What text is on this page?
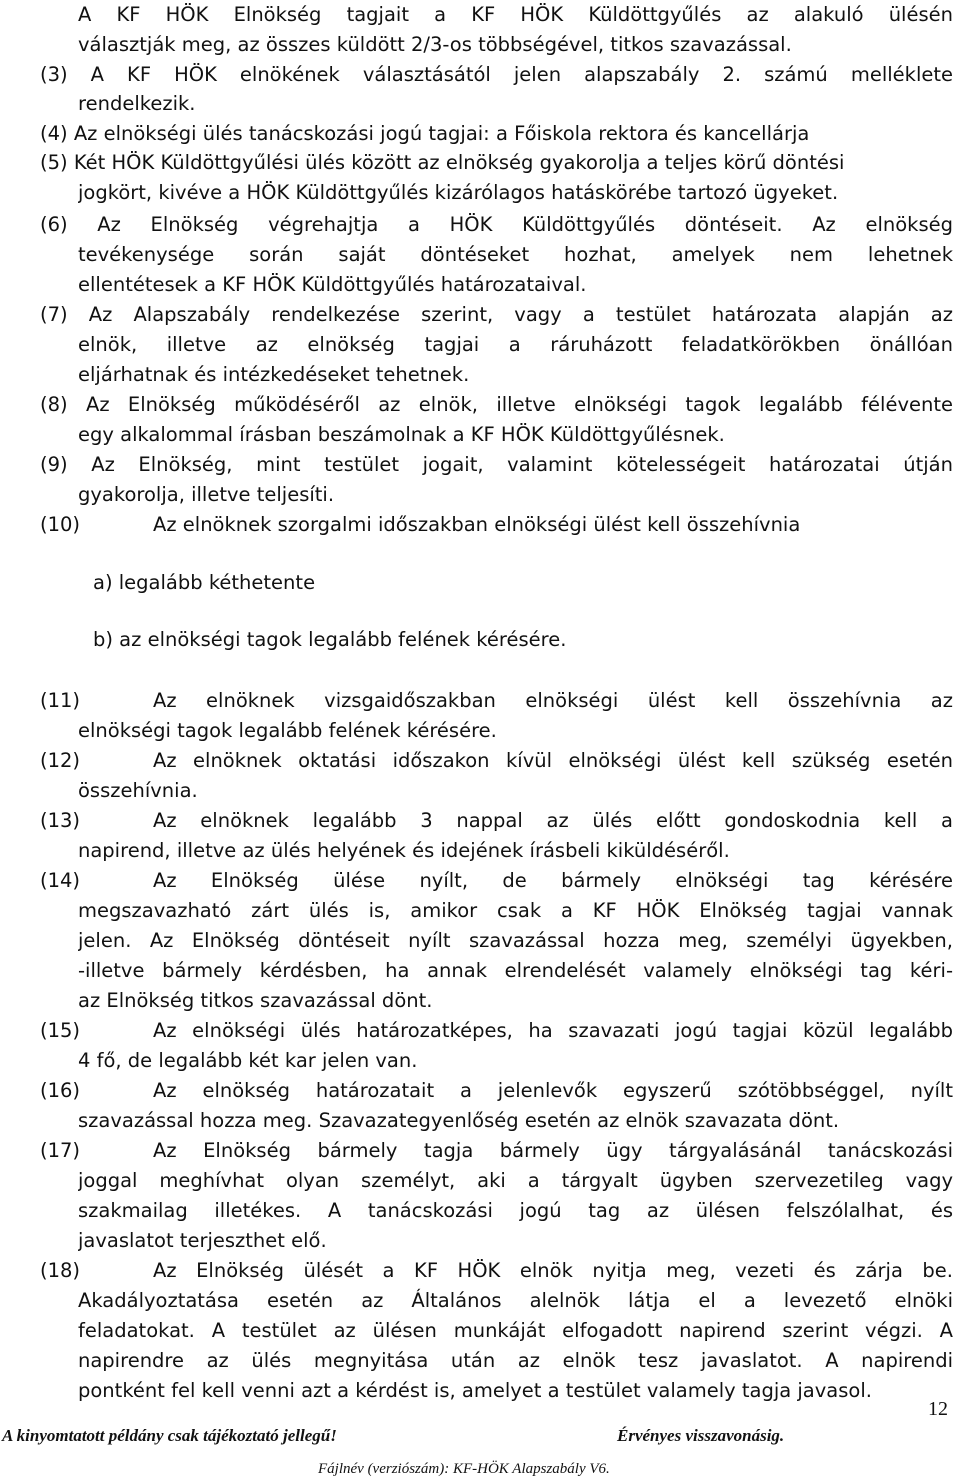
A KF HÖK Elnökség tagjait a KF HÖK Küldöttgyűlés az alakuló ülésén
választják meg, az összes küldött 2/3-os többségével, titkos szavazással.
(3) A KF HÖK elnökének választásától jelen alapszabály 2. számú melléklete
rendelkezik.
(4) Az elnökségi ülés tanácskozási jogú tagjai: a Főiskola rektora és kancellárja
(5) Két HÖK Küldöttgyűlési ülés között az elnökség gyakorolja a teljes körű döntési
jogkört, kivéve a HÖK Küldöttgyűlés kizárólagos hatáskörébe tartozó ügyeket.
(6) Az Elnökség végrehajtja a HÖK Küldöttgyűlés döntéseit. Az elnökség
tevékenysége során saját döntéseket hozhat, amelyek nem lehetnek
ellentétesek a KF HÖK Küldöttgyűlés határozataival.
(7) Az Alapszabály rendelkezése szerint, vagy a testület határozata alapján az
elnök, illetve az elnökség tagjai a ráruházott feladatkörökben önállóan
eljárhatnak és intézkedéseket tehetnek.
(8) Az Elnökség működéséről az elnök, illetve elnökségi tagok legalább félévente
egy alkalommal írásban beszámolnak a KF HÖK Küldöttgyűlésnek.
(9) Az Elnökség, mint testület jogait, valamint kötelességeit határozatai útján
gyakorolja, illetve teljesíti.
(10)	Az elnöknek szorgalmi időszakban elnökségi ülést kell összehívnia
a) legalább kéthetente
b) az elnökségi tagok legalább felének kérésére.
(11)	Az elnöknek vizsgaidőszakban elnökségi ülést kell összehívnia az
elnökségi tagok legalább felének kérésére.
(12)	Az elnöknek oktatási időszakon kívül elnökségi ülést kell szükség esetén
összehívnia.
(13)	Az elnöknek legalább 3 nappal az ülés előtt gondoskodnia kell a
napirend, illetve az ülés helyének és idejének írásbeli kiküldéséről.
(14)	Az Elnökség ülése nyílt, de bármely elnökségi tag kérésére
megszavazható zárt ülés is, amikor csak a KF HÖK Elnökség tagjai vannak
jelen. Az Elnökség döntéseit nyílt szavazással hozza meg, személyi ügyekben,
-illetve bármely kérdésben, ha annak elrendelését valamely elnökségi tag kéri-
az Elnökség titkos szavazással dönt.
(15)	Az elnökségi ülés határozatképes, ha szavazati jogú tagjai közül legalább
4 fő, de legalább két kar jelen van.
(16)	Az elnökség határozatait a jelenlevők egyszerű szótöbbséggel, nyílt
szavazással hozza meg. Szavazategyenlőség esetén az elnök szavazata dönt.
(17)	Az Elnökség bármely tagja bármely ügy tárgyalásánál tanácskozási
joggal meghívhat olyan személyt, aki a tárgyalt ügyben szervezetileg vagy
szakmailag illetékes. A tanácskozási jogú tag az ülésen felszólalhat, és
javaslatot terjeszthet elő.
(18)	Az Elnökség ülését a KF HÖK elnök nyitja meg, vezeti és zárja be.
Akadályoztatása esetén az Általános alelnök látja el a levezető elnöki
feladatokat. A testület az ülésen munkáját elfogadott napirend szerint végzi. A
napirendre az ülés megnyitása után az elnök tesz javaslatot. A napirendi
pontként fel kell venni azt a kérdést is, amelyet a testület valamely tagja javasol.
12
A kinyomtatott példány csak tájékoztató jellegű!	Érvényes visszavonásig.
Fájlnév (verziószám): KF-HÖK Alapszabály V6.
